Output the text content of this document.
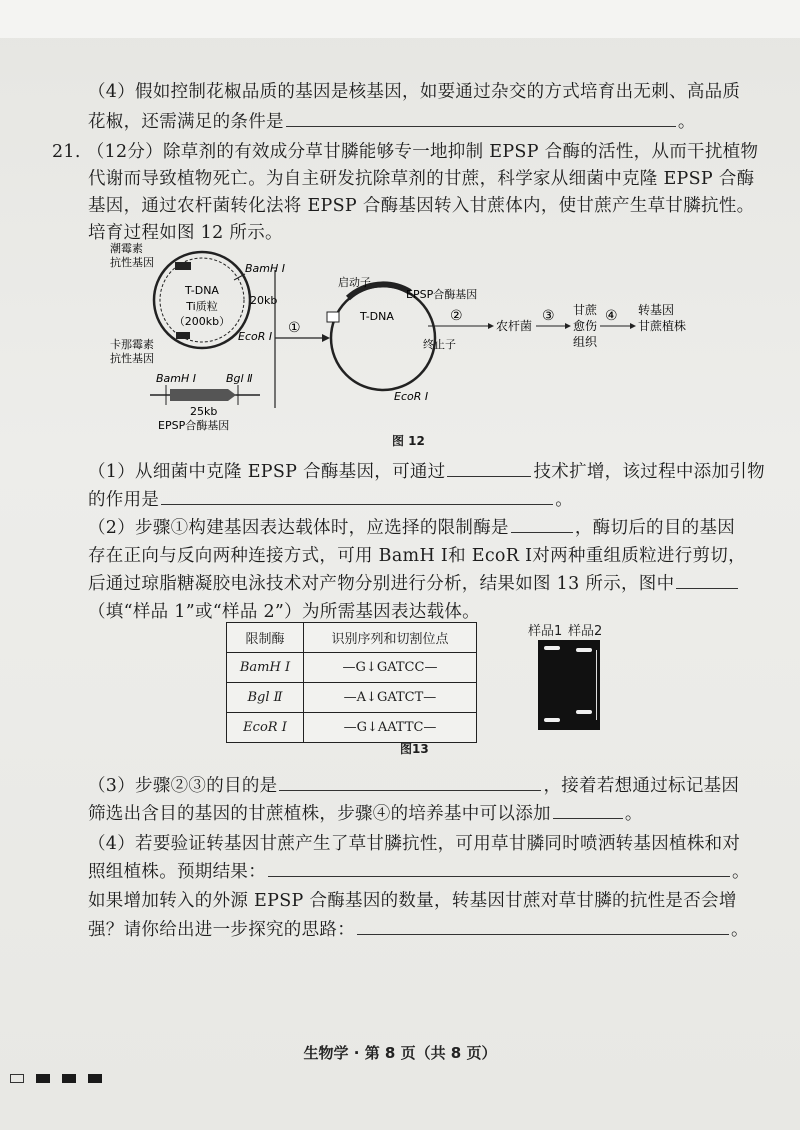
（4）假如控制花椒品质的基因是核基因，如要通过杂交的方式培育出无刺、高品质
花椒，还需满足的条件是	。
21. （12分）除草剂的有效成分草甘膦能够专一地抑制 EPSP 合酶的活性，从而干扰植物
代谢而导致植物死亡。为自主研发抗除草剂的甘蔗，科学家从细菌中克隆 EPSP 合酶
基因，通过农杆菌转化法将 EPSP 合酶基因转入甘蔗体内，使甘蔗产生草甘膦抗性。
培育过程如图 12 所示。
T-DNA
Ti质粒
（200kb）
潮霉素
抗性基因	BamH Ⅰ
20kb
EcoR Ⅰ
卡那霉素
抗性基因
BamH Ⅰ	Bgl Ⅱ
25kb
EPSP合酶基因
①
启动子
EPSP合酶基因
T-DNA
终止子
EcoR Ⅰ
②
农杆菌
③ 甘蔗
愈伤
组织
④ 转基因
甘蔗植株
图 12
（1）从细菌中克隆 EPSP 合酶基因，可通过	技术扩增，该过程中添加引物
的作用是	。
（2）步骤①构建基因表达载体时，应选择的限制酶是	，酶切后的目的基因
存在正向与反向两种连接方式，可用 BamH Ⅰ和 EcoR Ⅰ对两种重组质粒进行剪切，
后通过琼脂糖凝胶电泳技术对产物分别进行分析，结果如图 13 所示，图中
（填“样品 1”或“样品 2”）为所需基因表达载体。
限制酶	识别序列和切割位点
BamH Ⅰ	—G↓GATCC—
Bgl Ⅱ	—A↓GATCT—
EcoR Ⅰ	—G↓AATTC—
图13
样品1 样品2
（3）步骤②③的目的是	，接着若想通过标记基因
筛选出含目的基因的甘蔗植株，步骤④的培养基中可以添加	。
（4）若要验证转基因甘蔗产生了草甘膦抗性，可用草甘膦同时喷洒转基因植株和对
照组植株。预期结果：	。
如果增加转入的外源 EPSP 合酶基因的数量，转基因甘蔗对草甘膦的抗性是否会增
强？请你给出进一步探究的思路：	。
生物学 · 第 8 页（共 8 页）
